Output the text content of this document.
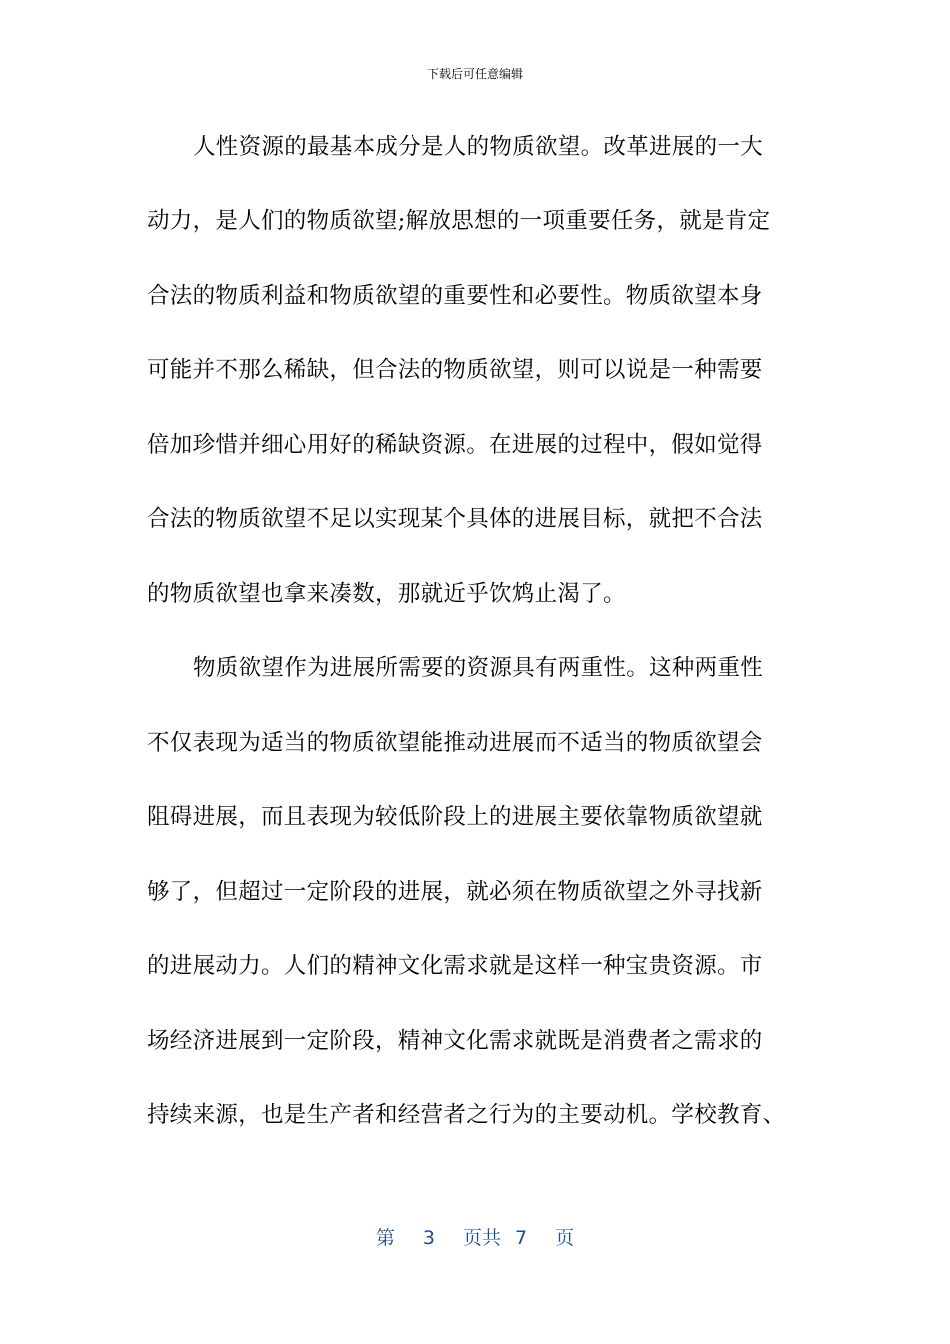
下载后可任意编辑
人性资源的最基本成分是人的物质欲望。改革进展的一大
动力，是人们的物质欲望;解放思想的一项重要任务，就是肯定
合法的物质利益和物质欲望的重要性和必要性。物质欲望本身
可能并不那么稀缺，但合法的物质欲望，则可以说是一种需要
倍加珍惜并细心用好的稀缺资源。在进展的过程中，假如觉得
合法的物质欲望不足以实现某个具体的进展目标，就把不合法
的物质欲望也拿来凑数，那就近乎饮鸩止渴了。
物质欲望作为进展所需要的资源具有两重性。这种两重性
不仅表现为适当的物质欲望能推动进展而不适当的物质欲望会
阻碍进展，而且表现为较低阶段上的进展主要依靠物质欲望就
够了，但超过一定阶段的进展，就必须在物质欲望之外寻找新
的进展动力。人们的精神文化需求就是这样一种宝贵资源。市
场经济进展到一定阶段，精神文化需求就既是消费者之需求的
持续来源，也是生产者和经营者之行为的主要动机。学校教育、
第 3 页共 7 页
